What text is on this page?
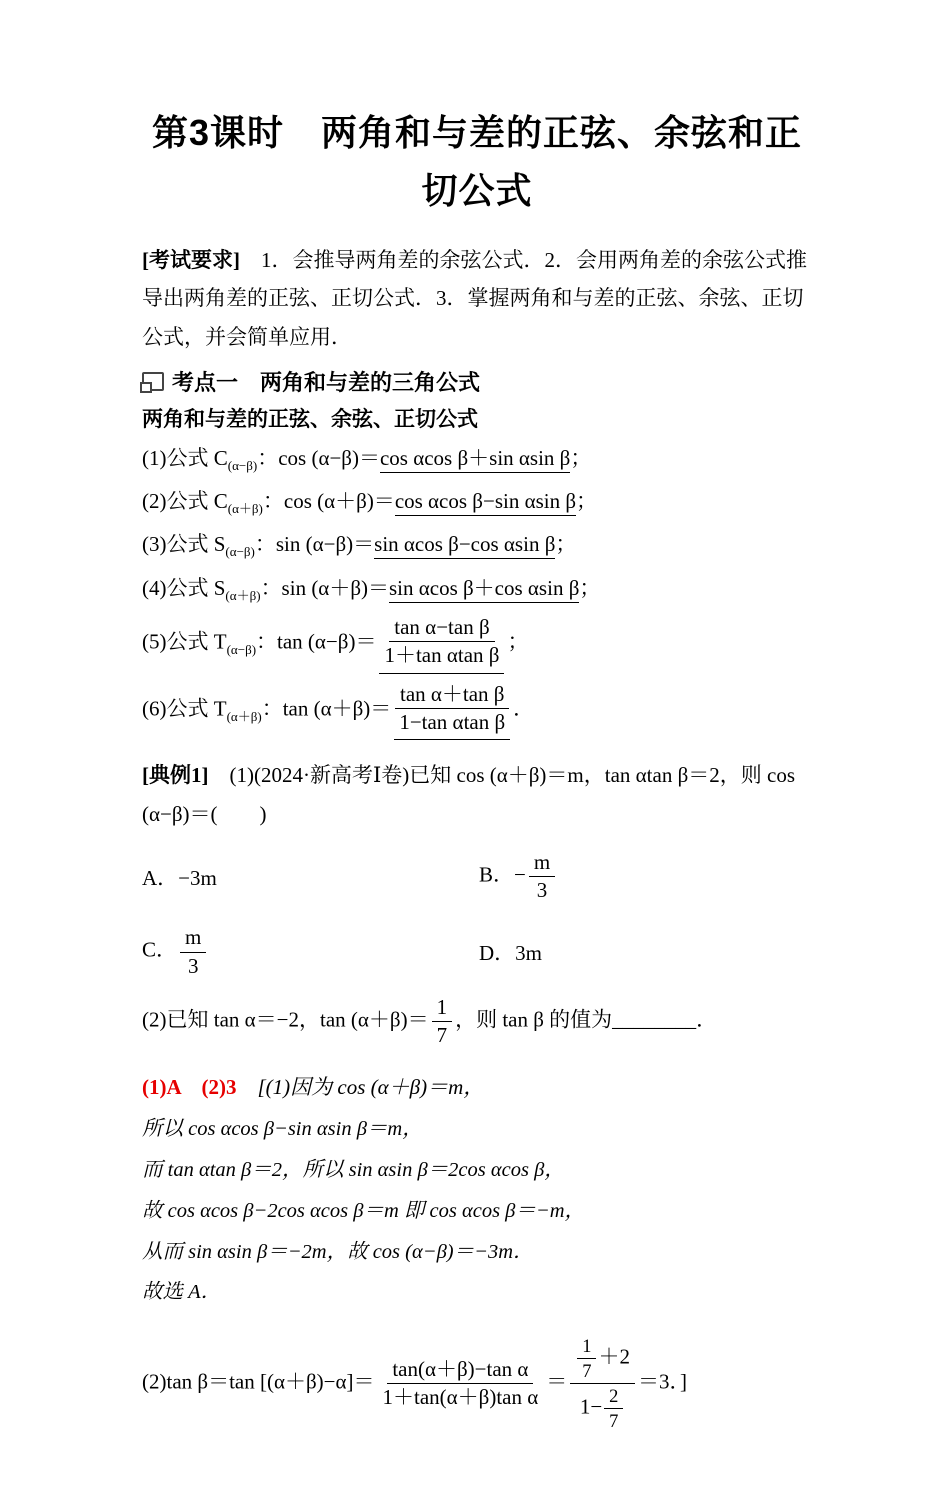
第3课时　两角和与差的正弦、余弦和正
切公式

[考试要求]　1．会推导两角差的余弦公式．2．会用两角差的余弦公式推导出两角差的正弦、正切公式．3．掌握两角和与差的正弦、余弦、正切公式，并会简单应用．

考点一　两角和与差的三角公式

两角和与差的正弦、余弦、正切公式

(1)公式 $C_{(\alpha-\beta)}$：cos (α−β)＝cos αcos β＋sin αsin β；

(2)公式 $C_{(\alpha+\beta)}$：cos (α＋β)＝cos αcos β−sin αsin β；

(3)公式 $S_{(\alpha-\beta)}$：sin (α−β)＝sin αcos β−cos αsin β；

(4)公式 $S_{(\alpha+\beta)}$：sin (α＋β)＝sin αcos β＋cos αsin β；

(5)公式 $T_{(\alpha-\beta)}$：$\tan (\alpha-\beta)= \frac{\text{tan α−tan β}}{\text{1＋tan αtan β}}$ ；

(6)公式 $T_{(\alpha+\beta)}$：$\tan (\alpha+\beta)= \frac{\text{tan α＋tan β}}{\text{1−tan αtan β}}$ ．

[典例1]　(1)(2024·新高考Ⅰ卷)已知 cos (α＋β)＝m，tan αtan β＝2，则 cos (α−β)＝(　　)

A．−3m	B．− $\frac{m}{3}$
C． $\frac{m}{3}$	D．3m

(2)已知 tan α＝−2，$\tan (\alpha+\beta)= \frac{1}{7}$ ，则 tan β 的值为________．

(1)A　(2)3　[(1)因为 cos (α＋β)＝m，

所以 cos αcos β−sin αsin β＝m，

而 tan αtan β＝2，所以 sin αsin β＝2cos αcos β，

故 cos αcos β−2cos αcos β＝m 即 cos αcos β＝−m，

从而 sin αsin β＝−2m，故 cos (α−β)＝−3m．

故选 A．

(2)tan β＝tan $[(\alpha+\beta)-\alpha]= \frac{\text{tan(α＋β)−tan α}}{\text{1＋tan(α＋β)tan α}} = \frac{\frac{1}{7} +2}{1- \frac{2}{7}} =3$．]
